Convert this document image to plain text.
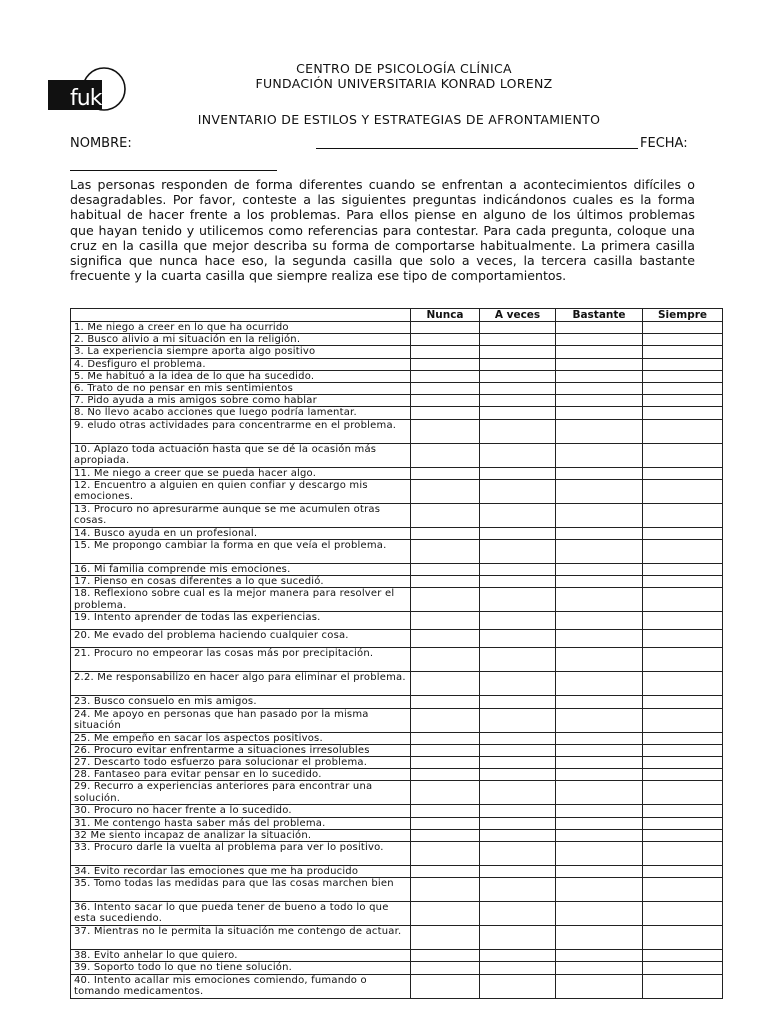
fukl
CENTRO DE PSICOLOGÍA CLÍNICA
FUNDACIÓN UNIVERSITARIA KONRAD LORENZ
INVENTARIO DE ESTILOS Y ESTRATEGIAS DE AFRONTAMIENTO
NOMBRE:	FECHA:

Las personas responden de forma diferentes cuando se enfrentan a acontecimientos difíciles o desagradables. Por favor, conteste a las siguientes preguntas indicándonos cuales es la forma habitual de hacer frente a los problemas. Para ellos piense en alguno de los últimos problemas que hayan tenido y utilicemos como referencias para contestar. Para cada pregunta, coloque una cruz en la casilla que mejor describa su forma de comportarse habitualmente. La primera casilla significa que nunca hace eso, la segunda casilla que solo a veces, la tercera casilla bastante frecuente y la cuarta casilla que siempre realiza ese tipo de comportamientos.

	Nunca	A veces	Bastante	Siempre
1. Me niego a creer en lo que ha ocurrido				
2. Busco alivio a mi situación en la religión.				
3. La experiencia siempre aporta algo positivo				
4. Desfiguro el problema.				
5. Me habituó a la idea de lo que ha sucedido.				
6. Trato de no pensar en mis sentimientos				
7. Pido ayuda a mis amigos sobre como hablar				
8. No llevo acabo acciones que luego podría lamentar.				
9. eludo otras actividades para concentrarme en el problema.				
10. Aplazo toda actuación hasta que se dé la ocasión más apropiada.				
11. Me niego a creer que se pueda hacer algo.				
12. Encuentro a alguien en quien confiar y descargo mis emociones.				
13. Procuro no apresurarme aunque se me acumulen otras cosas.				
14. Busco ayuda en un profesional.				
15. Me propongo cambiar la forma en que veía el problema.				
16. Mi familia comprende mis emociones.				
17. Pienso en cosas diferentes a lo que sucedió.				
18. Reflexiono sobre cual es la mejor manera para resolver el problema.				
19. Intento aprender de todas las experiencias.				
20. Me evado del problema haciendo cualquier cosa.				
21. Procuro no empeorar las cosas más por precipitación.				
2.2. Me responsabilizo en hacer algo para eliminar el problema.				
23. Busco consuelo en mis amigos.				
24. Me apoyo en personas que han pasado por la misma situación				
25. Me empeño en sacar los aspectos positivos.				
26. Procuro evitar enfrentarme a situaciones irresolubles				
27. Descarto todo esfuerzo para solucionar el problema.				
28. Fantaseo para evitar pensar en lo sucedido.				
29. Recurro a experiencias anteriores para encontrar una solución.				
30. Procuro no hacer frente a lo sucedido.				
31. Me contengo hasta saber más del problema.				
32 Me siento incapaz de analizar la situación.				
33. Procuro darle la vuelta al problema para ver lo positivo.				
34. Evito recordar las emociones que me ha producido				
35. Tomo todas las medidas para que las cosas marchen bien				
36. Intento sacar lo que pueda tener de bueno a todo lo que esta sucediendo.				
37. Mientras no le permita la situación me contengo de actuar.				
38. Evito anhelar lo que quiero.				
39. Soporto todo lo que no tiene solución.				
40. Intento acallar mis emociones comiendo, fumando o tomando medicamentos.				
